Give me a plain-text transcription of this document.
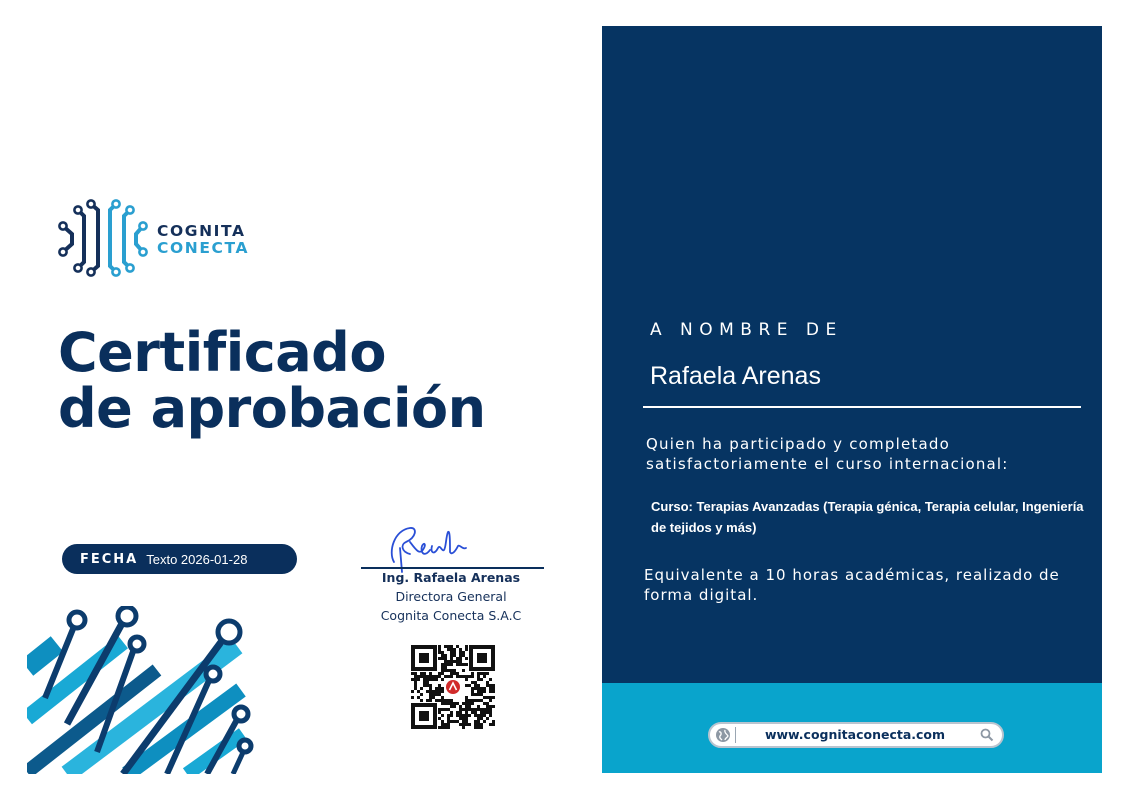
COGNITA
CONECTA
Certificado
de aprobación
FECHA Texto 2026-01-28
Ing. Rafaela Arenas
Directora General
Cognita Conecta S.A.C
A NOMBRE DE
Rafaela Arenas
Quien ha participado y completado satisfactoriamente el curso internacional:
Curso: Terapias Avanzadas (Terapia génica, Terapia celular, Ingeniería de tejidos y más)
Equivalente a 10 horas académicas, realizado de forma digital.
www.cognitaconecta.com
